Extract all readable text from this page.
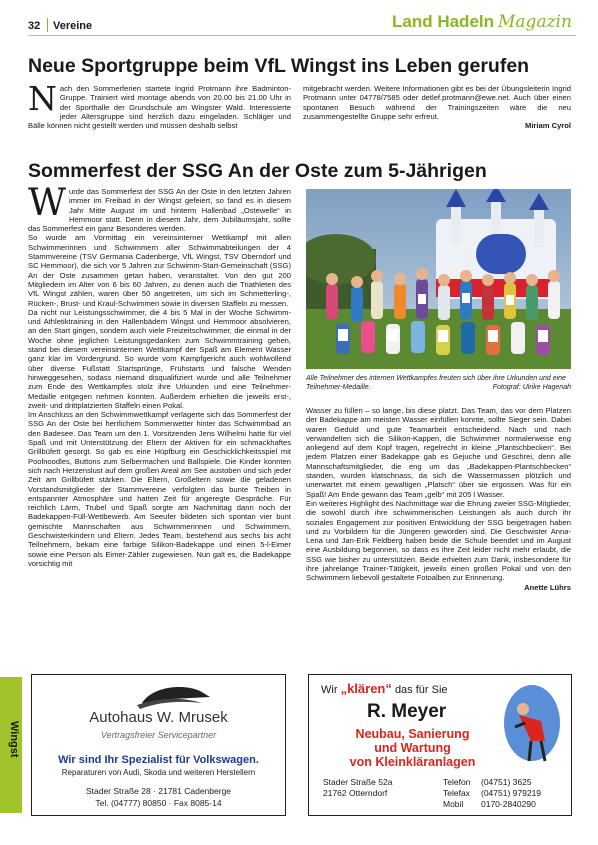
32 Vereine	Land Hadeln Magazin
Neue Sportgruppe beim VfL Wingst ins Leben gerufen
N ach den Sommerferien startete Ingrid Protmann ihre Badminton-Gruppe. Trainiert wird montage abends von 20.00 bis 21.00 Uhr in der Sporthalle der Grundschule am Wingster Wald. Interessierte jeder Altersgruppe sind herzlich dazu eingeladen. Schläger und Bälle können nicht gestellt werden und müssen deshalb selbst

mitgebracht werden. Weitere Informationen gibt es bei der Übungsleiterin Ingrid Protmann unter 04778/7585 oder detlef.protmann@ewe.net. Auch über einen spontanen Besuch während der Trainingszeiten wäre die neu zusammengestellte Gruppe sehr erfreut.

Miriam Cyrol

Sommerfest der SSG An der Oste zum 5-Jährigen

Wurde das Sommerfest der SSG An der Oste in den letzten Jahren immer im Freibad in der Wingst gefeiert, so fand es in diesem Jahr Mitte August im und hinterm Hallenbad „Ostewelle“ in Hemmoor statt. Denn in diesem Jahr, dem Jubiläumsjahr, sollte das Sommerfest ein ganz Besonderes werden.

So wurde am Vormittag ein vereinsinterner Wettkampf mit allen Schwimmerinnen und Schwimmern aller Schwimmabteilungen der 4 Stammvereine (TSV Germania Cadenberge, VfL Wingst, TSV Oberndorf und SC Hemmoor), die sich vor 5 Jahren zur Schwimm-Start-Gemeinschaft (SSG) An der Oste zusammen getan haben, veranstaltet. Von den gut 200 Mitgliedern im Alter von 6 bis 60 Jahren, zu denen auch die Triathleten des VfL Wingst zählen, waren über 50 angetreten, um sich im Schmetterling-, Rücken-, Brust- und Kraul-Schwimmen sowie in diversen Staffeln zu messen.

Da nicht nur Leistungsschwimmer, die 4 bis 5 Mal in der Woche Schwimm- und Athletiktraining in den Hallenbädern Wingst und Hemmoor absolvieren, an den Start gingen, sondern auch viele Freizeitschwimmer, die einmal in der Woche ohne jeglichen Leistungsgedanken zum Schwimmtraining gehen, stand bei diesem vereinsinternen Wettkampf der Spaß am Element Wasser ganz klar im Vordergrund. So wurde vom Kampfgericht auch wohlwollend über diverse Fußstatt Startsprünge, Frühstarts und falsche Wenden hinweggesehen, sodass niemand disqualifiziert wurde und alle Teilnehmer zum Ende des Wettkampfes stolz ihre Urkunden und eine Teilnehmer-Medaille entgegen nehmen konnten. Außerdem erhielten die jeweils erst-, zweit- und drittplatzierten Staffeln einen Pokal.

Im Anschluss an den Schwimmwettkampf verlagerte sich das Sommerfest der SSG An der Oste bei herrlichem Sommerwetter hinter das Schwimmbad an den Badesee. Das Team um den 1. Vorsitzenden Jens Wilhelmi hatte für viel Spaß und mit Unterstützung der Eltern der Aktiven für ein schmackhaftes Grillbüfett gesorgt. So gab es eine Hüpfburg ein Geschicklichkeitsspiel mit Poolnoodles, Buttons zum Selbermachen und Ballspiele. Die Kinder konnten sich nach Herzenslust auf dem großen Areal am See austoben und sich jeder Zeit am Grillbüfett stärken. Die Eltern, Großeltern sowie die geladenen Vorstandsmitglieder der Stammvereine verfolgten das bunte Treiben in entspannter Atmosphäre und hatten Zeit für angeregte Gespräche. Für reichlich Lärm, Trubel und Spaß sorgte am Nachmittag dann noch der Badekappen-Füll-Wettbewerb. Am Seeufer bildeten sich spontan vier bunt gemischte Mannschaften aus Schwimmerinnen und Schwimmern, Geschwisterkindern und Eltern. Jedes Team, bestehend aus sechs bis acht Teilnehmern, bekam eine farbige Silikon-Badekappe und einen 5-l-Eimer sowie eine Person als Eimer-Zähler zugewiesen. Nun galt es, die Badekappe vorsichtig mit

Alle Teilnehmer des internen Wettkampfes freuten sich über ihre Urkunden und eine Teilnehmer-Medaille.	Fotograf: Ulrike Hagenah

Wasser zu füllen – so lange, bis diese platzt. Das Team, das vor dem Platzen der Badekappe am meisten Wasser einfüllen konnte, sollte Sieger sein. Dabei waren Geduld und gute Teamarbeit entscheidend. Nach und nach verwandelten sich die Silikon-Kappen, die Schwimmer normalerweise eng anliegend auf dem Kopf tragen, regelrecht in kleine „Plantschbecken“. Bei jedem Platzen einer Badekappe gab es Gejuche und Geschrei, denn alle Mannschaftsmitglieder, die eng um das „Badekappen-Plantschbecken“ standen, wurden klatschnass, da sich die Wassermassen plötzlich und unerwartet mit einem gewaltigen „Platsch“ über sie ergossen. Was für ein Spaß! Am Ende gewann das Team „gelb“ mit 205 l Wasser.

Ein weiteres Highlight des Nachmittage war die Ehrung zweier SSG-Mitglieder, die sowohl durch ihre schwimmerischen Leistungen als auch durch ihr soziales Engagement zur positiven Entwicklung der SSG beigetragen haben und zu Vorbildern für die Jüngeren geworden sind. Die Geschwister Anna-Lena und Jan-Erik Feldberg haben beide die Schule beendet und im August eine Ausbildung begonnen, so dass es ihre Zeit leider nicht mehr erlaubt, die SSG wie bisher zu unterstützen. Beide erhielten zum Dank, insbesondere für ihre jahrelange Trainer-Tätigkeit, jeweils einen großen Pokal und von den Schwimmern liebevoll gestaltete Fotoalben zur Erinnerung.

Anette Lührs

Wingst
Autohaus W. Mrusek
Vertragsfreier Servicepartner
Wir sind Ihr Spezialist für Volkswagen.
Reparaturen von Audi, Skoda und weiteren Herstellern
Stader Straße 28 · 21781 Cadenberge
Tel. (04777) 80850 · Fax 8085-14
Wir „klären“ das für Sie
R. Meyer
Neubau, Sanierung
und Wartung
von Kleinkläranlagen
Stader Straße 52a
21762 Otterndorf
Telefon (04751) 3625
Telefax (04751) 979219
Mobil 0170-2840290
